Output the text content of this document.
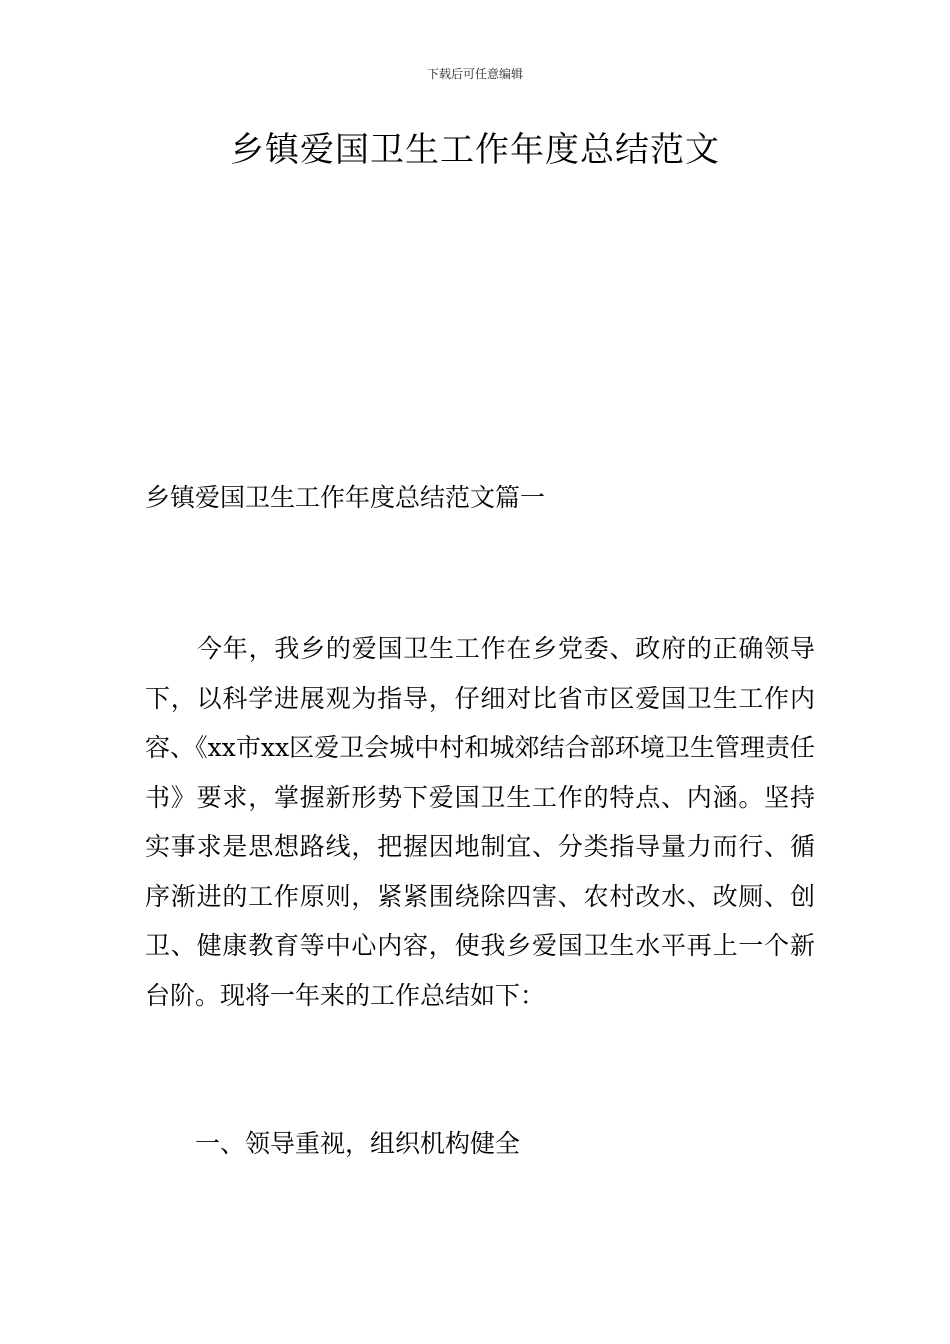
下载后可任意编辑
乡镇爱国卫生工作年度总结范文
乡镇爱国卫生工作年度总结范文篇一

今年，我乡的爱国卫生工作在乡党委、政府的正确领导下，以科学进展观为指导，仔细对比省市区爱国卫生工作内容、《xx市xx区爱卫会城中村和城郊结合部环境卫生管理责任书》要求，掌握新形势下爱国卫生工作的特点、内涵。坚持实事求是思想路线，把握因地制宜、分类指导量力而行、循序渐进的工作原则，紧紧围绕除四害、农村改水、改厕、创卫、健康教育等中心内容，使我乡爱国卫生水平再上一个新台阶。现将一年来的工作总结如下：

一、领导重视，组织机构健全
